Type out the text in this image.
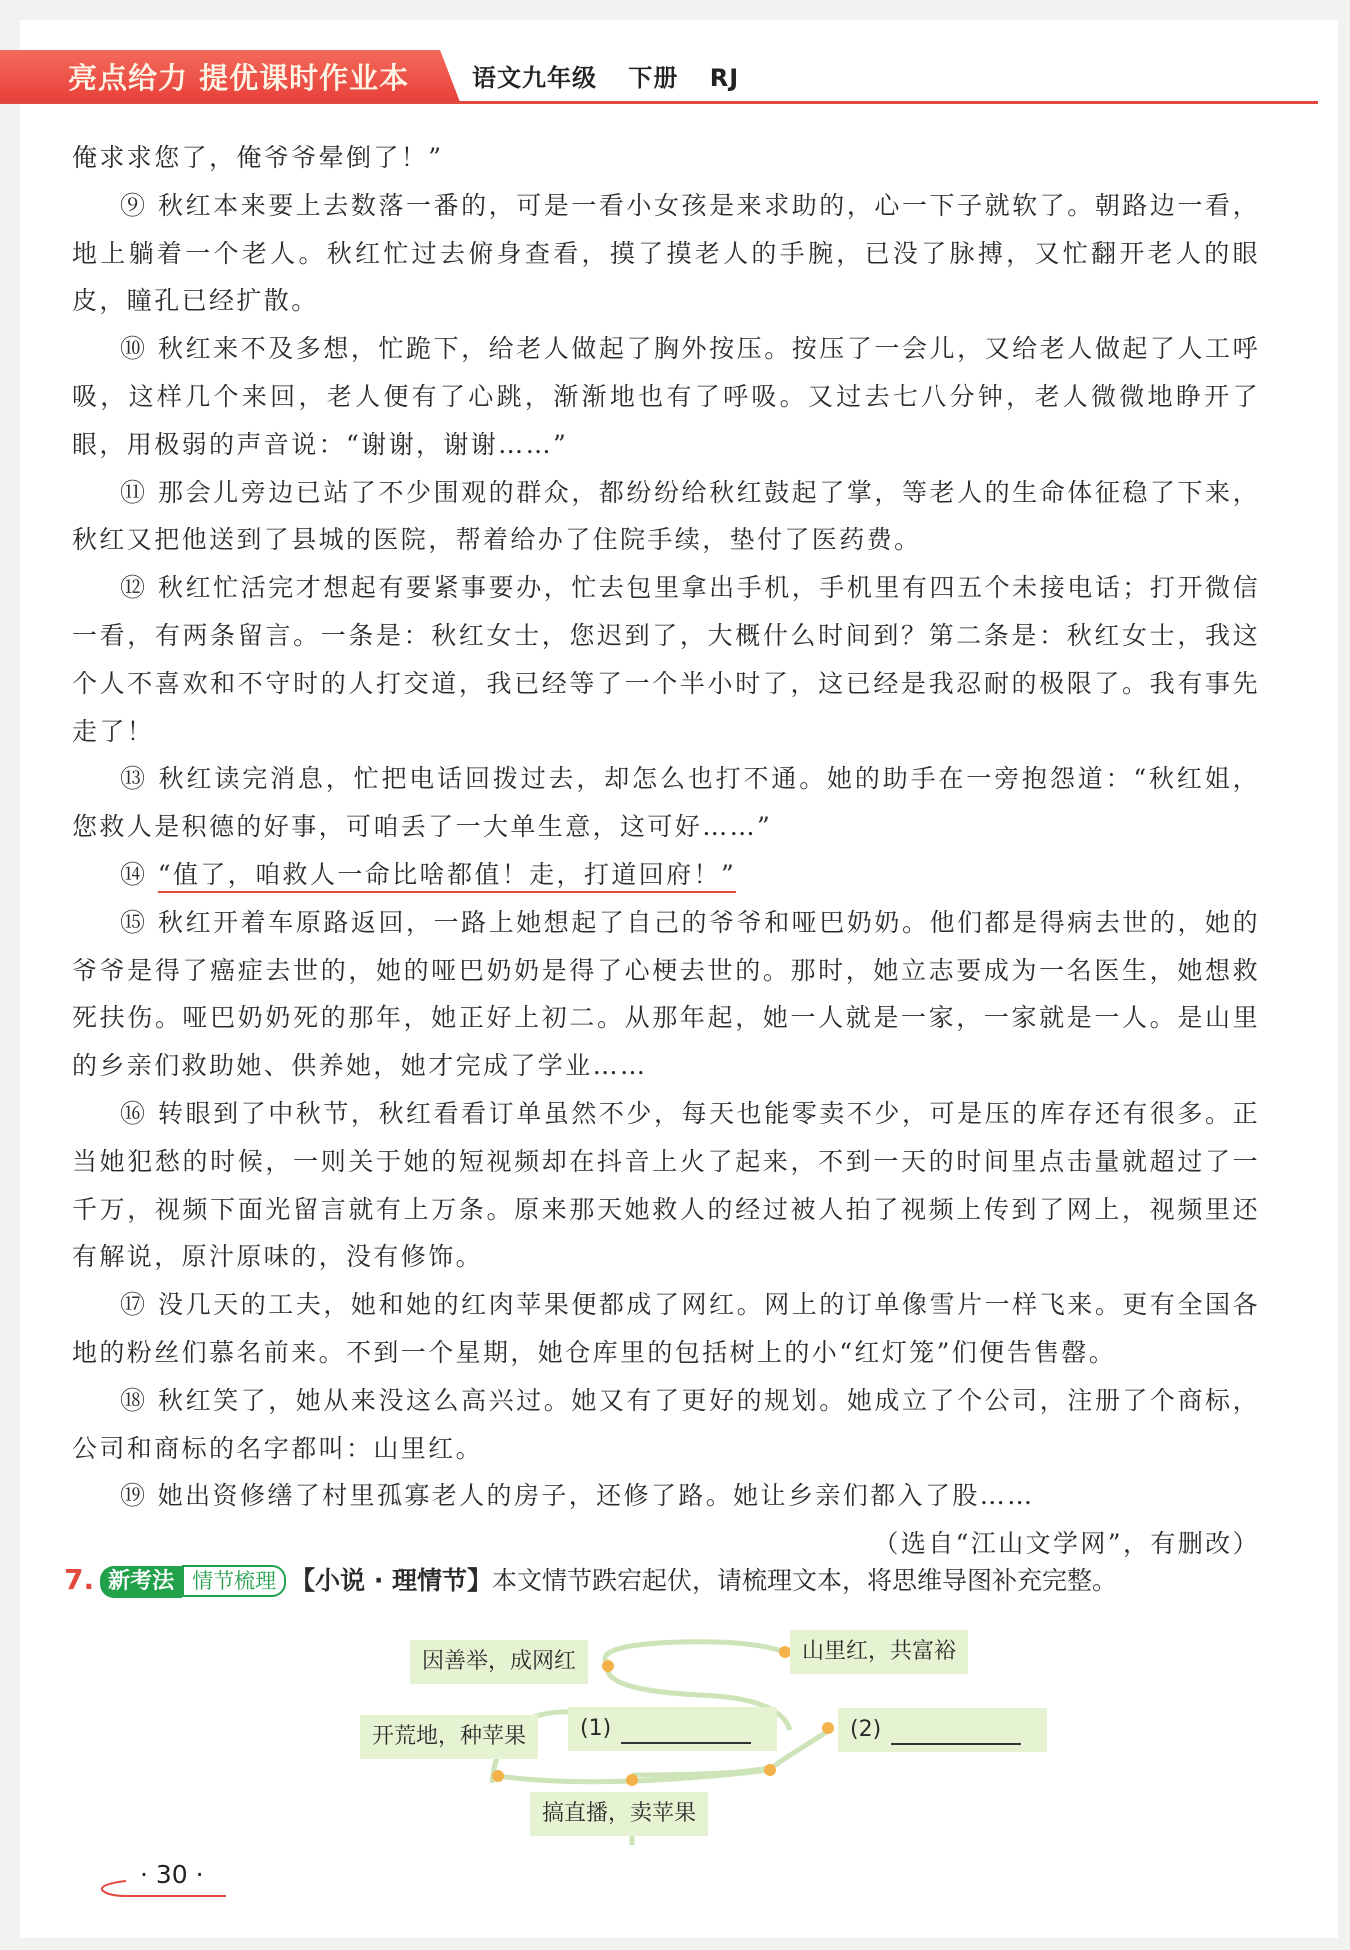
亮点给力 提优课时作业本	语文九年级 下册 RJ

俺求求您了，俺爷爷晕倒了！”

⑨ 秋红本来要上去数落一番的，可是一看小女孩是来求助的，心一下子就软了。朝路边一看，地上躺着一个老人。秋红忙过去俯身查看，摸了摸老人的手腕，已没了脉搏，又忙翻开老人的眼皮，瞳孔已经扩散。

⑩ 秋红来不及多想，忙跪下，给老人做起了胸外按压。按压了一会儿，又给老人做起了人工呼吸，这样几个来回，老人便有了心跳，渐渐地也有了呼吸。又过去七八分钟，老人微微地睁开了眼，用极弱的声音说：“谢谢，谢谢……”

⑪ 那会儿旁边已站了不少围观的群众，都纷纷给秋红鼓起了掌，等老人的生命体征稳了下来，秋红又把他送到了县城的医院，帮着给办了住院手续，垫付了医药费。

⑫ 秋红忙活完才想起有要紧事要办，忙去包里拿出手机，手机里有四五个未接电话；打开微信一看，有两条留言。一条是：秋红女士，您迟到了，大概什么时间到？第二条是：秋红女士，我这个人不喜欢和不守时的人打交道，我已经等了一个半小时了，这已经是我忍耐的极限了。我有事先走了！

⑬ 秋红读完消息，忙把电话回拨过去，却怎么也打不通。她的助手在一旁抱怨道：“秋红姐，您救人是积德的好事，可咱丢了一大单生意，这可好……”

⑭ “值了，咱救人一命比啥都值！走，打道回府！”

⑮ 秋红开着车原路返回，一路上她想起了自己的爷爷和哑巴奶奶。他们都是得病去世的，她的爷爷是得了癌症去世的，她的哑巴奶奶是得了心梗去世的。那时，她立志要成为一名医生，她想救死扶伤。哑巴奶奶死的那年，她正好上初二。从那年起，她一人就是一家，一家就是一人。是山里的乡亲们救助她、供养她，她才完成了学业……

⑯ 转眼到了中秋节，秋红看看订单虽然不少，每天也能零卖不少，可是压的库存还有很多。正当她犯愁的时候，一则关于她的短视频却在抖音上火了起来，不到一天的时间里点击量就超过了一千万，视频下面光留言就有上万条。原来那天她救人的经过被人拍了视频上传到了网上，视频里还有解说，原汁原味的，没有修饰。

⑰ 没几天的工夫，她和她的红肉苹果便都成了网红。网上的订单像雪片一样飞来。更有全国各地的粉丝们慕名前来。不到一个星期，她仓库里的包括树上的小“红灯笼”们便告售罄。

⑱ 秋红笑了，她从来没这么高兴过。她又有了更好的规划。她成立了个公司，注册了个商标，公司和商标的名字都叫：山里红。

⑲ 她出资修缮了村里孤寡老人的房子，还修了路。她让乡亲们都入了股……

（选自“江山文学网”，有删改）

7. 新考法 情节梳理 【小说 · 理情节】本文情节跌宕起伏，请梳理文本，将思维导图补充完整。
开荒地，种苹果
搞直播，卖苹果
(1)	(2)
因善举，成网红	山里红，共富裕
· 30 ·
